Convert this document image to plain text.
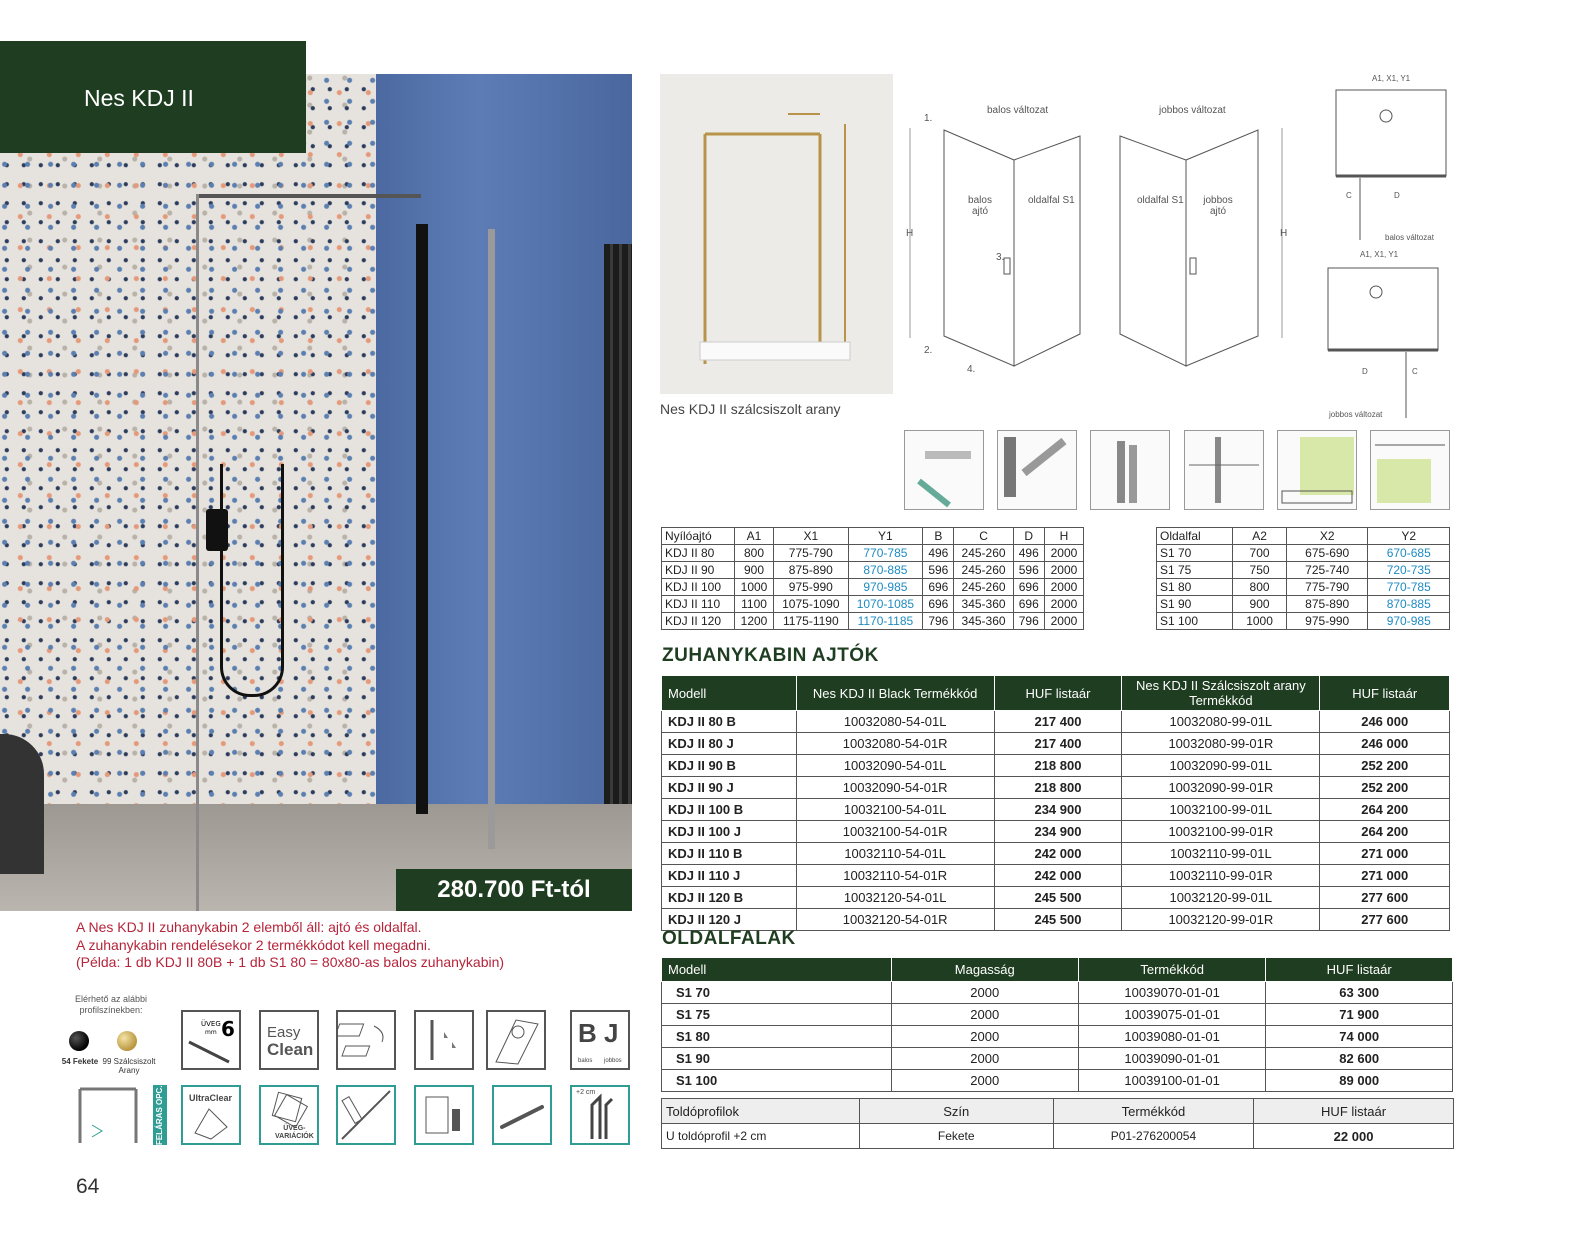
Nes KDJ II
280.700 Ft-tól
A Nes KDJ II zuhanykabin 2 elemből áll: ajtó és oldalfal.
A zuhanykabin rendelésekor 2 termékkódot kell megadni.
(Példa: 1 db KDJ II 80B + 1 db S1 80 = 80x80-as balos zuhanykabin)
Elérhető az alábbi
profilszínekben:
54 Fekete 99 Szálcsiszolt
Arany
ÜVEG
mm 6 Easy
Clean
B J
balos jobbos
FELÁRAS OPC.	UltraClear
ÜVEG-
VARIÁCIÓK
+2 cm
64
Nes KDJ II szálcsiszolt arany
balos változat	jobbos változat
balos
ajtó
oldalfal S1
H
1.
2.
3.
4.
oldalfal S1	jobbos
ajtó
H
A1, X1, Y1
C	D
balos változat
A1, X1, Y1
D	C
jobbos változat
Nyílóajtó	A1	X1	Y1	B	C	D	H
KDJ II 80	800	775-790	770-785	496	245-260	496	2000
KDJ II 90	900	875-890	870-885	596	245-260	596	2000
KDJ II 100	1000	975-990	970-985	696	245-260	696	2000
KDJ II 110	1100	1075-1090	1070-1085	696	345-360	696	2000
KDJ II 120	1200	1175-1190	1170-1185	796	345-360	796	2000
Oldalfal	A2	X2	Y2
S1 70	700	675-690	670-685
S1 75	750	725-740	720-735
S1 80	800	775-790	770-785
S1 90	900	875-890	870-885
S1 100	1000	975-990	970-985
ZUHANYKABIN AJTÓK
Modell	Nes KDJ II Black Termékkód	HUF listaár	Nes KDJ II Szálcsiszolt arany Termékkód	HUF listaár
KDJ II 80 B	10032080-54-01L	217 400	10032080-99-01L	246 000
KDJ II 80 J	10032080-54-01R	217 400	10032080-99-01R	246 000
KDJ II 90 B	10032090-54-01L	218 800	10032090-99-01L	252 200
KDJ II 90 J	10032090-54-01R	218 800	10032090-99-01R	252 200
KDJ II 100 B	10032100-54-01L	234 900	10032100-99-01L	264 200
KDJ II 100 J	10032100-54-01R	234 900	10032100-99-01R	264 200
KDJ II 110 B	10032110-54-01L	242 000	10032110-99-01L	271 000
KDJ II 110 J	10032110-54-01R	242 000	10032110-99-01R	271 000
KDJ II 120 B	10032120-54-01L	245 500	10032120-99-01L	277 600
KDJ II 120 J	10032120-54-01R	245 500	10032120-99-01R	277 600
OLDALFALAK
Modell	Magasság	Termékkód	HUF listaár
S1 70	2000	10039070-01-01	63 300
S1 75	2000	10039075-01-01	71 900
S1 80	2000	10039080-01-01	74 000
S1 90	2000	10039090-01-01	82 600
S1 100	2000	10039100-01-01	89 000
Toldóprofilok	Szín	Termékkód	HUF listaár
U toldóprofil +2 cm	Fekete	P01-276200054	22 000
